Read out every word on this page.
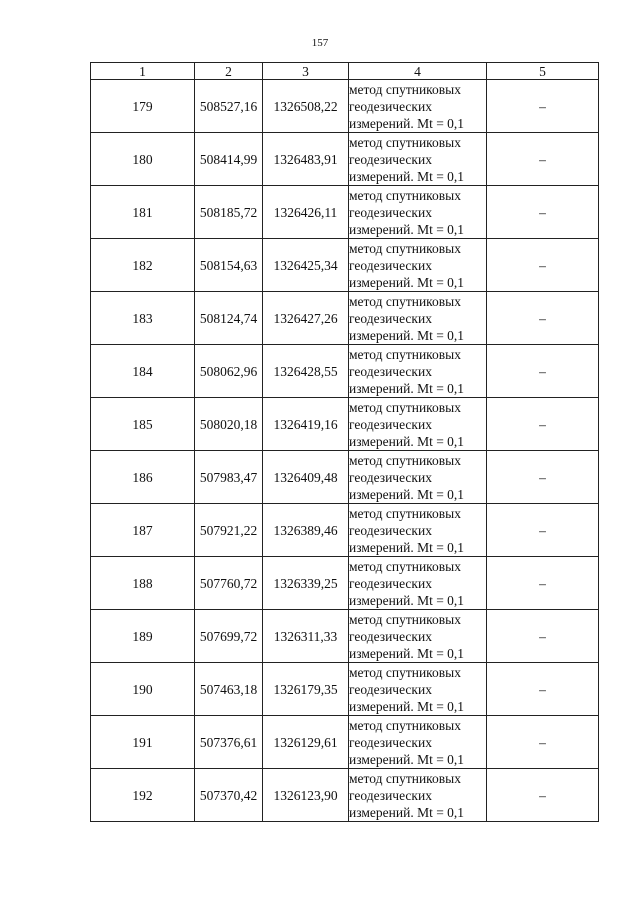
157
1	2	3	4	5
179	508527,16	1326508,22	метод спутниковых
геодезических
измерений. Mt = 0,1	–
180	508414,99	1326483,91	метод спутниковых
геодезических
измерений. Mt = 0,1	–
181	508185,72	1326426,11	метод спутниковых
геодезических
измерений. Mt = 0,1	–
182	508154,63	1326425,34	метод спутниковых
геодезических
измерений. Mt = 0,1	–
183	508124,74	1326427,26	метод спутниковых
геодезических
измерений. Mt = 0,1	–
184	508062,96	1326428,55	метод спутниковых
геодезических
измерений. Mt = 0,1	–
185	508020,18	1326419,16	метод спутниковых
геодезических
измерений. Mt = 0,1	–
186	507983,47	1326409,48	метод спутниковых
геодезических
измерений. Mt = 0,1	–
187	507921,22	1326389,46	метод спутниковых
геодезических
измерений. Mt = 0,1	–
188	507760,72	1326339,25	метод спутниковых
геодезических
измерений. Mt = 0,1	–
189	507699,72	1326311,33	метод спутниковых
геодезических
измерений. Mt = 0,1	–
190	507463,18	1326179,35	метод спутниковых
геодезических
измерений. Mt = 0,1	–
191	507376,61	1326129,61	метод спутниковых
геодезических
измерений. Mt = 0,1	–
192	507370,42	1326123,90	метод спутниковых
геодезических
измерений. Mt = 0,1	–
